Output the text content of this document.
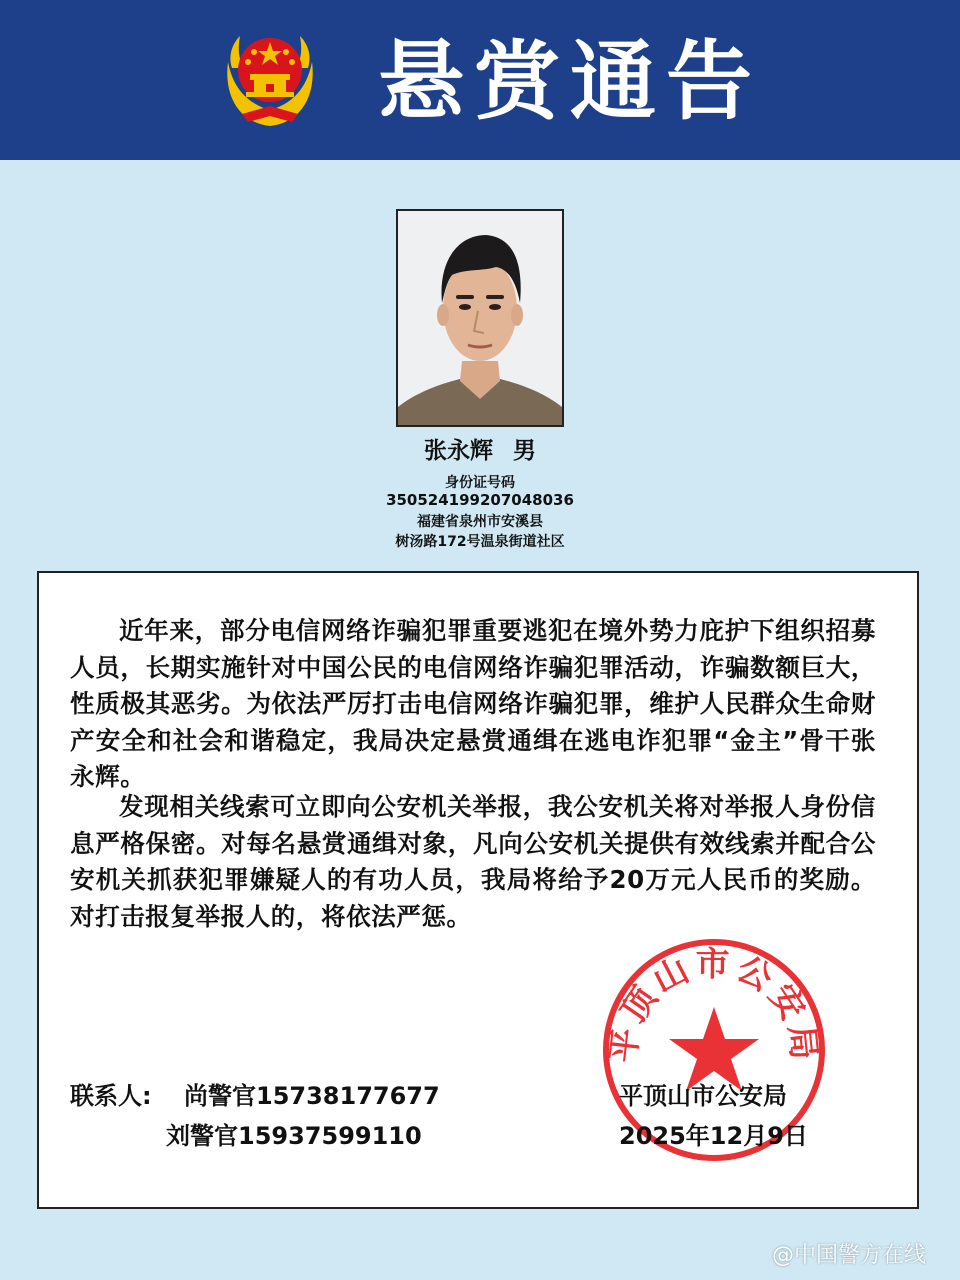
悬赏通告
张永辉 男
身份证号码
350524199207048036
福建省泉州市安溪县
树汤路172号温泉街道社区

近年来，部分电信网络诈骗犯罪重要逃犯在境外势力庇护下组织招募人员，长期实施针对中国公民的电信网络诈骗犯罪活动，诈骗数额巨大，性质极其恶劣。为依法严厉打击电信网络诈骗犯罪，维护人民群众生命财产安全和社会和谐稳定，我局决定悬赏通缉在逃电诈犯罪“金主”骨干张永辉。

发现相关线索可立即向公安机关举报，我公安机关将对举报人身份信息严格保密。对每名悬赏通缉对象，凡向公安机关提供有效线索并配合公安机关抓获犯罪嫌疑人的有功人员，我局将给予20万元人民币的奖励。对打击报复举报人的，将依法严惩。

平顶山市公安局
联系人: 尚警官15738177677
刘警官15937599110
平顶山市公安局
2025年12月9日
@中国警方在线
